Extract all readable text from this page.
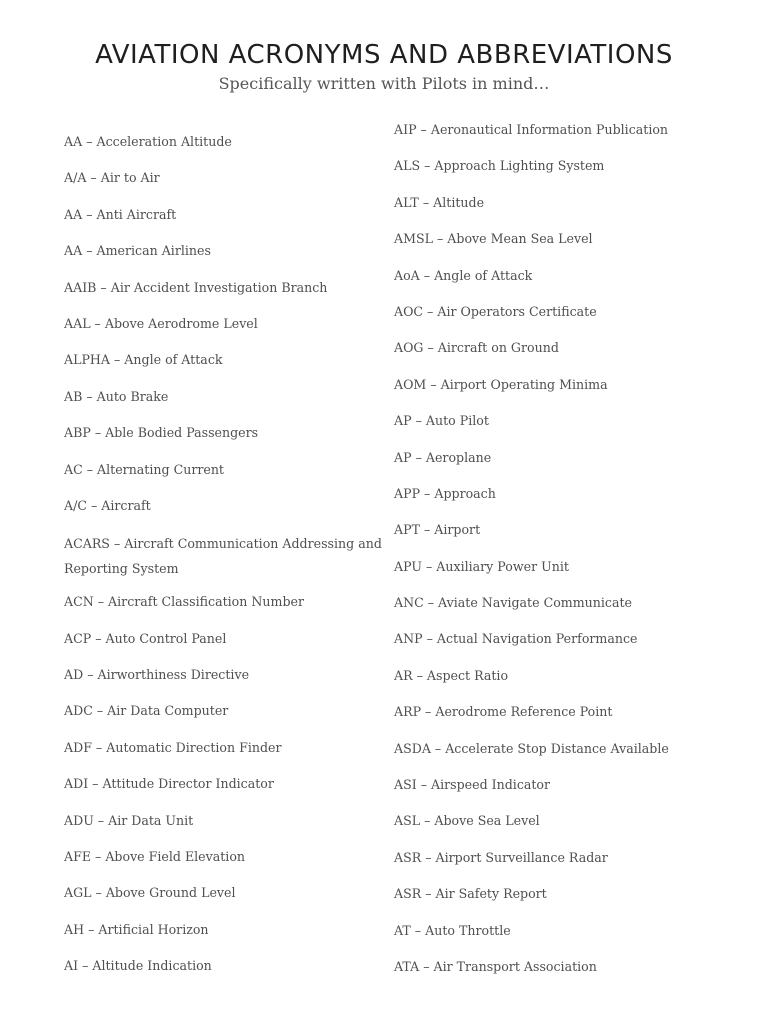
AVIATION ACRONYMS AND ABBREVIATIONS
Specifically written with Pilots in mind…
AA – Acceleration Altitude
A/A – Air to Air
AA – Anti Aircraft
AA – American Airlines
AAIB – Air Accident Investigation Branch
AAL – Above Aerodrome Level
ALPHA – Angle of Attack
AB – Auto Brake
ABP – Able Bodied Passengers
AC – Alternating Current
A/C – Aircraft
ACARS – Aircraft Communication Addressing and Reporting System
ACN – Aircraft Classification Number
ACP – Auto Control Panel
AD – Airworthiness Directive
ADC – Air Data Computer
ADF – Automatic Direction Finder
ADI – Attitude Director Indicator
ADU – Air Data Unit
AFE – Above Field Elevation
AGL – Above Ground Level
AH – Artificial Horizon
AI – Altitude Indication
AIP – Aeronautical Information Publication
ALS – Approach Lighting System
ALT – Altitude
AMSL – Above Mean Sea Level
AoA – Angle of Attack
AOC – Air Operators Certificate
AOG – Aircraft on Ground
AOM – Airport Operating Minima
AP – Auto Pilot
AP – Aeroplane
APP – Approach
APT – Airport
APU – Auxiliary Power Unit
ANC – Aviate Navigate Communicate
ANP – Actual Navigation Performance
AR – Aspect Ratio
ARP – Aerodrome Reference Point
ASDA – Accelerate Stop Distance Available
ASI – Airspeed Indicator
ASL – Above Sea Level
ASR – Airport Surveillance Radar
ASR – Air Safety Report
AT – Auto Throttle
ATA – Air Transport Association
